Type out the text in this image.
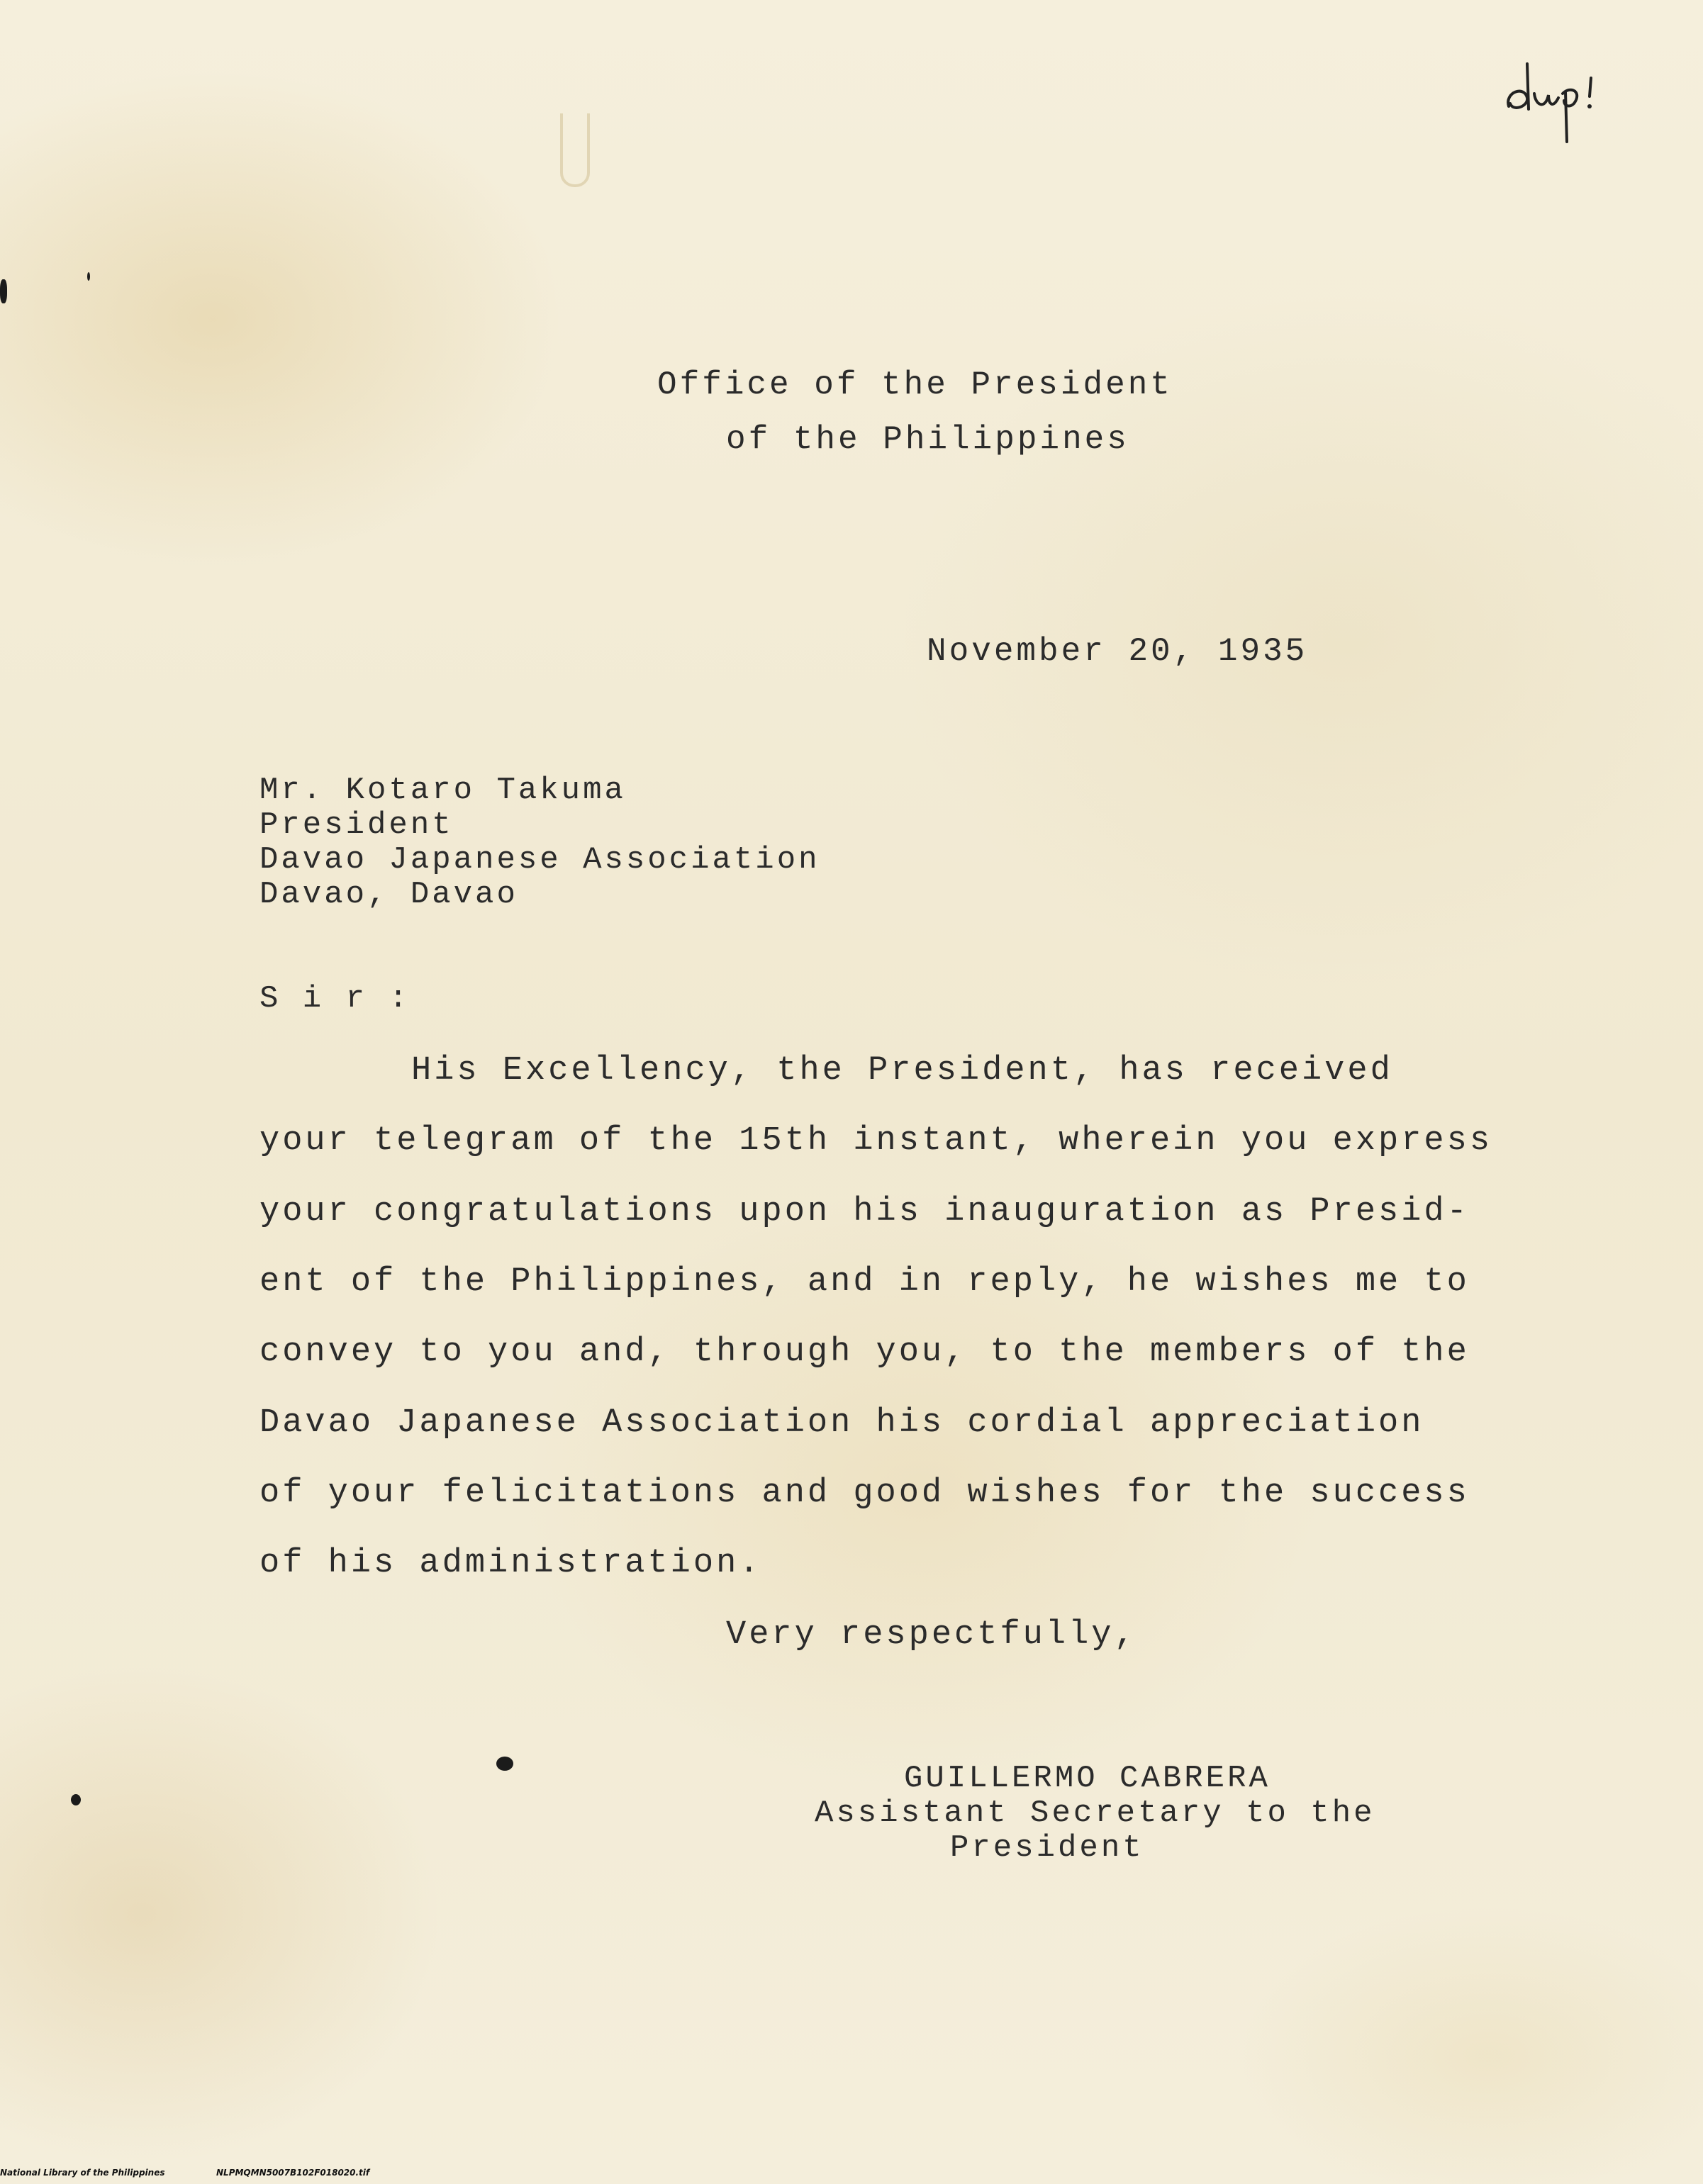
Office of the President

of the Philippines

November 20, 1935

Mr. Kotaro Takuma

President

Davao Japanese Association

Davao, Davao

S i r :

His Excellency, the President, has received

your telegram of the 15th instant, wherein you express

your congratulations upon his inauguration as Presid-

ent of the Philippines, and in reply, he wishes me to

convey to you and, through you, to the members of the

Davao Japanese Association his cordial appreciation

of your felicitations and good wishes for the success

of his administration.

Very respectfully,

GUILLERMO CABRERA

Assistant Secretary to the

President

National Library of the Philippines	NLPMQMN5007B102F018020.tif
